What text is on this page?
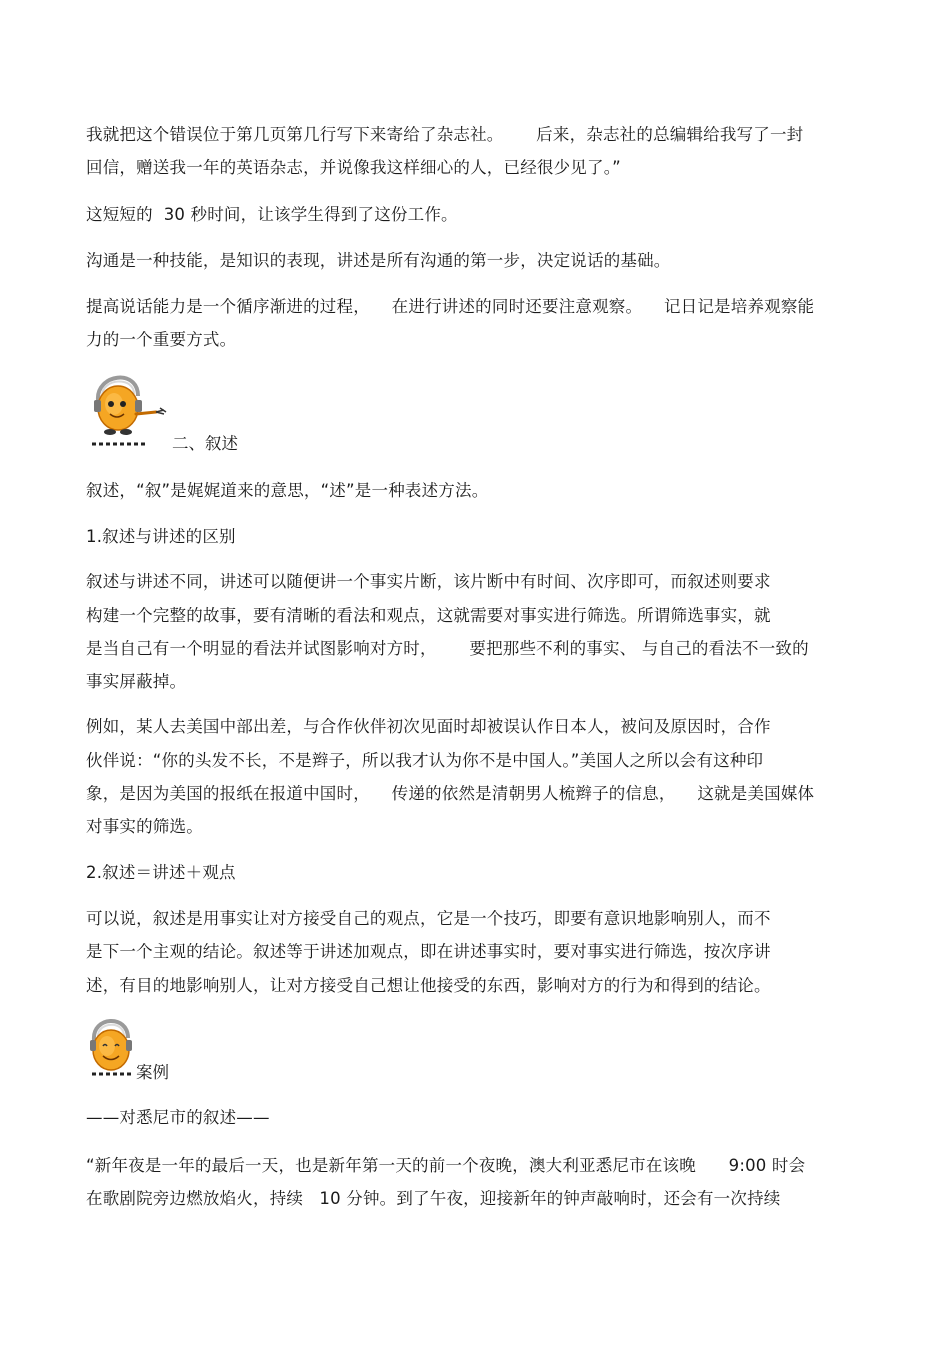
我就把这个错误位于第几页第几行写下来寄给了杂志社。      后来，杂志社的总编辑给我写了一封
回信，赠送我一年的英语杂志，并说像我这样细心的人，已经很少见了。”
这短短的  30 秒时间，让该学生得到了这份工作。
沟通是一种技能，是知识的表现，讲述是所有沟通的第一步，决定说话的基础。
提高说话能力是一个循序渐进的过程，    在进行讲述的同时还要注意观察。    记日记是培养观察能
力的一个重要方式。
二、叙述
叙述，“叙”是娓娓道来的意思，“述”是一种表述方法。
1.叙述与讲述的区别
叙述与讲述不同，讲述可以随便讲一个事实片断，该片断中有时间、次序即可，而叙述则要求
构建一个完整的故事，要有清晰的看法和观点，这就需要对事实进行筛选。所谓筛选事实，就
是当自己有一个明显的看法并试图影响对方时，      要把那些不利的事实、 与自己的看法不一致的
事实屏蔽掉。
例如，某人去美国中部出差，与合作伙伴初次见面时却被误认作日本人，被问及原因时，合作
伙伴说：“你的头发不长，不是辫子，所以我才认为你不是中国人。”美国人之所以会有这种印
象，是因为美国的报纸在报道中国时，    传递的依然是清朝男人梳辫子的信息，    这就是美国媒体
对事实的筛选。
2.叙述＝讲述＋观点
可以说，叙述是用事实让对方接受自己的观点，它是一个技巧，即要有意识地影响别人，而不
是下一个主观的结论。叙述等于讲述加观点，即在讲述事实时，要对事实进行筛选，按次序讲
述，有目的地影响别人，让对方接受自己想让他接受的东西，影响对方的行为和得到的结论。
案例
——对悉尼市的叙述——
“新年夜是一年的最后一天，也是新年第一天的前一个夜晚，澳大利亚悉尼市在该晚      9:00 时会
在歌剧院旁边燃放焰火，持续   10 分钟。到了午夜，迎接新年的钟声敲响时，还会有一次持续
